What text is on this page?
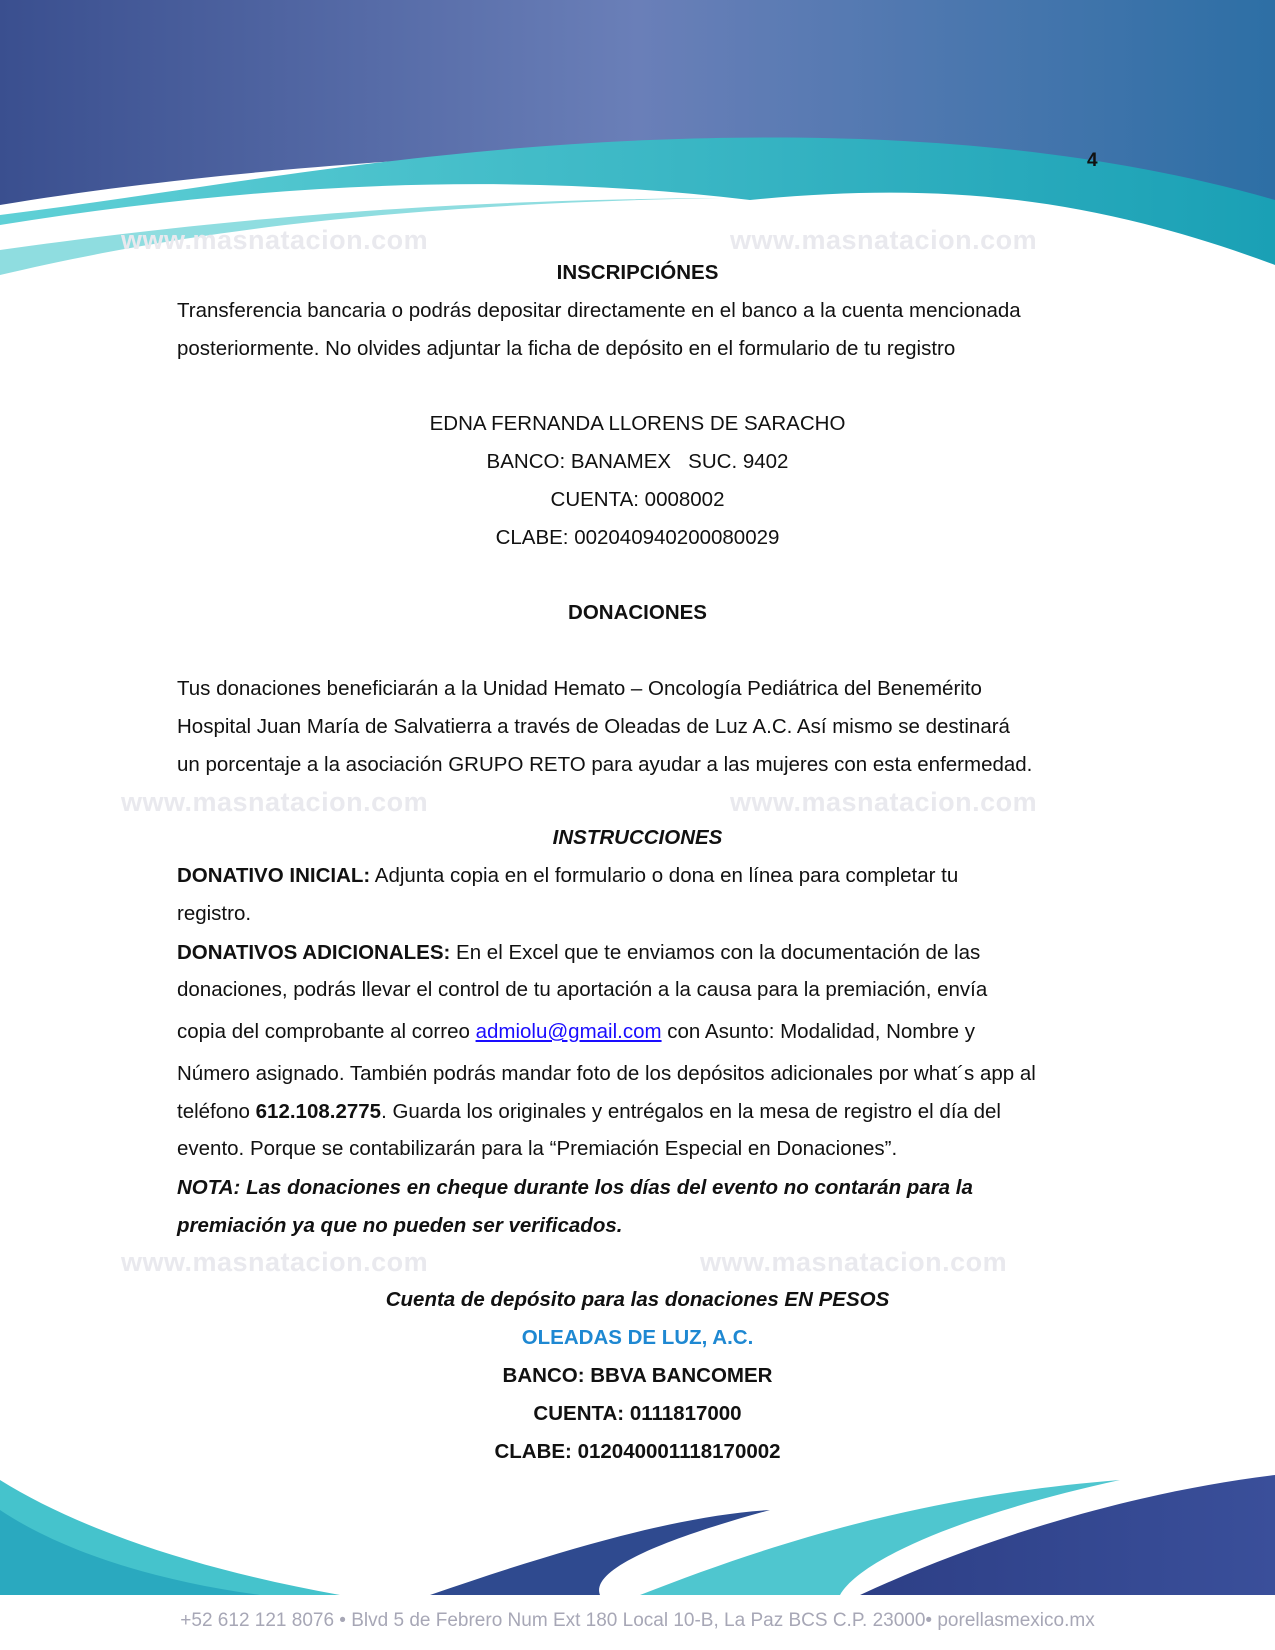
4
www.masnatacion.com	www.masnatacion.com
www.masnatacion.com	www.masnatacion.com
www.masnatacion.com	www.masnatacion.com
INSCRIPCIÓNES
Transferencia bancaria o podrás depositar directamente en el banco a la cuenta mencionada
posteriormente. No olvides adjuntar la ficha de depósito en el formulario de tu registro
EDNA FERNANDA LLORENS DE SARACHO
BANCO: BANAMEX   SUC. 9402
CUENTA: 0008002
CLABE: 002040940200080029
DONACIONES
Tus donaciones beneficiarán a la Unidad Hemato – Oncología Pediátrica del Benemérito
Hospital Juan María de Salvatierra a través de Oleadas de Luz A.C. Así mismo se destinará
un porcentaje a la asociación GRUPO RETO para ayudar a las mujeres con esta enfermedad.
INSTRUCCIONES
DONATIVO INICIAL: Adjunta copia en el formulario o dona en línea para completar tu
registro.
DONATIVOS ADICIONALES: En el Excel que te enviamos con la documentación de las
donaciones, podrás llevar el control de tu aportación a la causa para la premiación, envía
copia del comprobante al correo admiolu@gmail.com con Asunto: Modalidad, Nombre y
Número asignado. También podrás mandar foto de los depósitos adicionales por what´s app al
teléfono 612.108.2775. Guarda los originales y entrégalos en la mesa de registro el día del
evento. Porque se contabilizarán para la “Premiación Especial en Donaciones”.
NOTA: Las donaciones en cheque durante los días del evento no contarán para la
premiación ya que no pueden ser verificados.
Cuenta de depósito para las donaciones EN PESOS
OLEADAS DE LUZ, A.C.
BANCO: BBVA BANCOMER
CUENTA: 0111817000
CLABE: 012040001118170002
+52 612 121 8076 • Blvd 5 de Febrero Num Ext 180 Local 10-B, La Paz BCS C.P. 23000• porellasmexico.mx
